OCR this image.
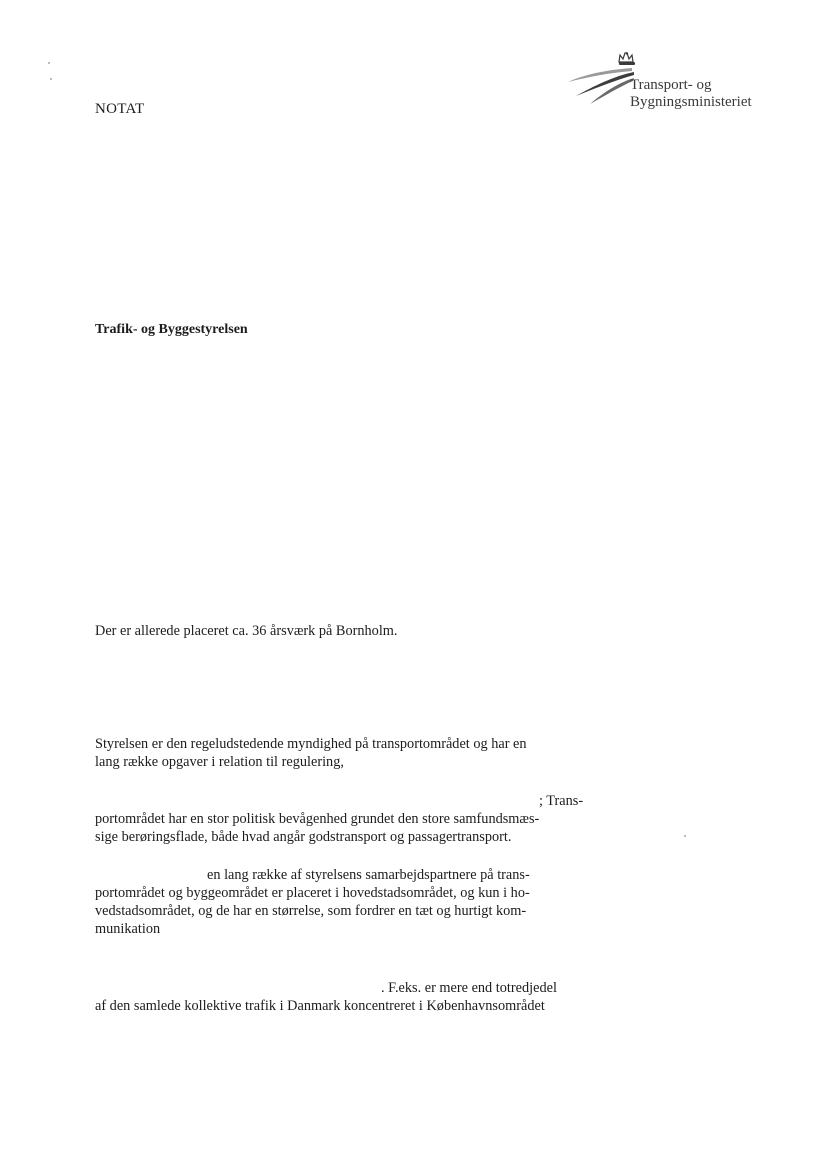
NOTAT
Transport- og
Bygningsministeriet
Trafik- og Byggestyrelsen
Der er allerede placeret ca. 36 årsværk på Bornholm.
Styrelsen er den regeludstedende myndighed på transportområdet og har en
lang række opgaver i relation til regulering,
; Trans-
portområdet har en stor politisk bevågenhed grundet den store samfundsmæs-
sige berøringsflade, både hvad angår godstransport og passagertransport.
en lang række af styrelsens samarbejdspartnere på trans-
portområdet og byggeområdet er placeret i hovedstadsområdet, og kun i ho-
vedstadsområdet, og de har en størrelse, som fordrer en tæt og hurtigt kom-
munikation
. F.eks. er mere end totredjedel
af den samlede kollektive trafik i Danmark koncentreret i Københavnsområdet
